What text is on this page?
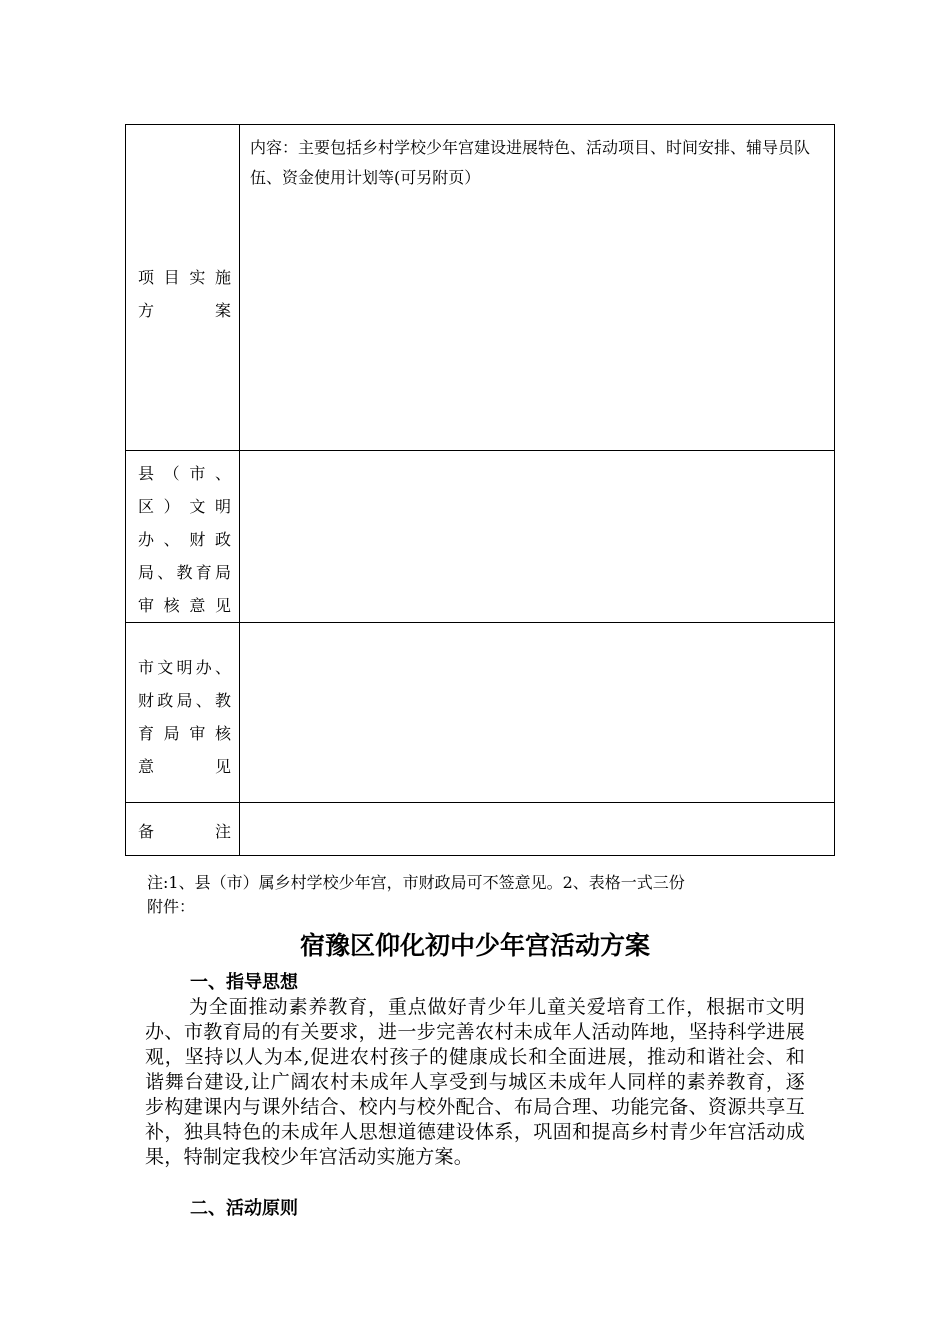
项目实施
方案	内容：主要包括乡村学校少年宫建设进展特色、活动项目、时间安排、辅导员队伍、资金使用计划等(可另附页）

县（市、
区）文明
办、财政
局、教育局
审核意见	

市文明办、
财政局、教
育局审核
意见	

备注	

注:1、县（市）属乡村学校少年宫，市财政局可不签意见。2、表格一式三份
附件：
宿豫区仰化初中少年宫活动方案
一、指导思想
为全面推动素养教育，重点做好青少年儿童关爱培育工作，根据市文明办、市教育局的有关要求，进一步完善农村未成年人活动阵地，坚持科学进展观，坚持以人为本,促进农村孩子的健康成长和全面进展，推动和谐社会、和谐舞台建设,让广阔农村未成年人享受到与城区未成年人同样的素养教育，逐步构建课内与课外结合、校内与校外配合、布局合理、功能完备、资源共享互补，独具特色的未成年人思想道德建设体系，巩固和提高乡村青少年宫活动成果，特制定我校少年宫活动实施方案。
二、活动原则
